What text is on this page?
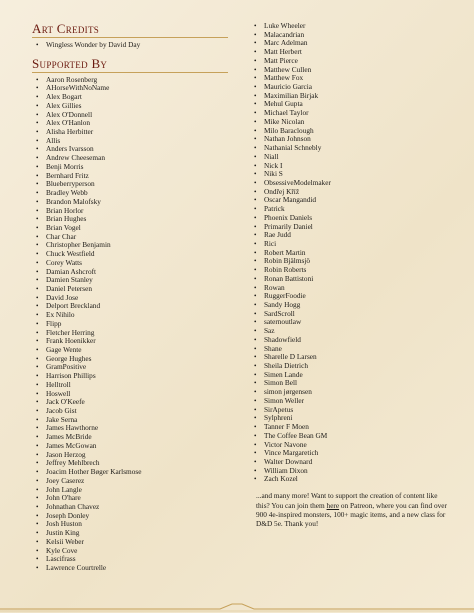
Art Credits
• Wingless Wonder by David Day
Supported By
• Aaron Rosenberg
• AHorseWithNoName
• Alex Bogart
• Alex Gillies
• Alex O'Donnell
• Alex O'Hanlon
• Alisha Herbitter
• Allis
• Anders Ivarsson
• Andrew Cheeseman
• Benji Morris
• Bernhard Fritz
• Blueberryperson
• Bradley Webb
• Brandon Malofsky
• Brian Horlor
• Brian Hughes
• Brian Vogel
• Char Char
• Christopher Benjamin
• Chuck Westfield
• Corey Watts
• Damian Ashcroft
• Damien Stanley
• Daniel Petersen
• David Jose
• Delport Breckland
• Ex Nihilo
• Flipp
• Fletcher Herring
• Frank Hoenikker
• Gage Wente
• George Hughes
• GramPositive
• Harrison Phillips
• Helltroll
• Hoswell
• Jack O'Keefe
• Jacob Gist
• Jake Serna
• James Hawthorne
• James McBride
• James McGowan
• Jason Herzog
• Jeffrey Mehlbrech
• Joacim Hother Bøger Karlsmose
• Joey Caserez
• John Langle
• John O'hare
• Johnathan Chavez
• Joseph Donley
• Josh Huston
• Justin King
• Kelsii Weber
• Kyle Cove
• Lascifrass
• Lawrence Courtrelle
• Luke Wheeler
• Malacandrian
• Marc Adelman
• Matt Herbert
• Matt Pierce
• Matthew Cullen
• Matthew Fox
• Mauricio Garcia
• Maximilian Birjak
• Mehul Gupta
• Michael Taylor
• Mike Nicolan
• Milo Baraclough
• Nathan Johnson
• Nathanial Schnebly
• Niall
• Nick I
• Niki S
• ObsessiveModelmaker
• Ondřej Kříž
• Oscar Mangandid
• Patrick
• Phoenix Daniels
• Primarily Daniel
• Rae Judd
• Rici
• Robert Martin
• Robin Bjälmsjö
• Robin Roberts
• Ronan Battistoni
• Rowan
• RuggerFoodie
• Sandy Hogg
• SardScroll
• saternoutlaw
• Saz
• Shadowfield
• Shane
• Sharelle D Larsen
• Sheila Dietrich
• Simen Lande
• Simon Bell
• simon jørgensen
• Simon Weller
• SirApetus
• Sylphreni
• Tanner F Moen
• The Coffee Bean GM
• Victor Navone
• Vince Margaretich
• Walter Downard
• William Dixon
• Zach Kozel

...and many more! Want to support the creation of content like this? You can join them here on Patreon, where you can find over 900 4e-inspired monsters, 100+ magic items, and a new class for D&D 5e. Thank you!
